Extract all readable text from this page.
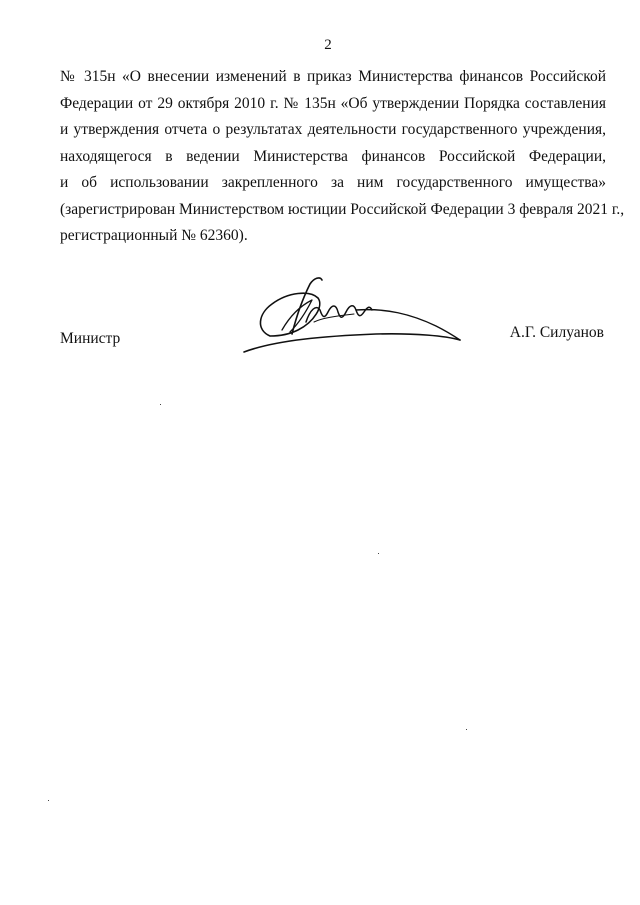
2
№ 315н «О внесении изменений в приказ Министерства финансов Российской
Федерации от 29 октября 2010 г. № 135н «Об утверждении Порядка составления
и утверждения отчета о результатах деятельности государственного учреждения,
находящегося в ведении Министерства финансов Российской Федерации,
и об использовании закрепленного за ним государственного имущества»
(зарегистрирован Министерством юстиции Российской Федерации 3 февраля 2021 г.,
регистрационный № 62360).
Министр	А.Г. Силуанов
